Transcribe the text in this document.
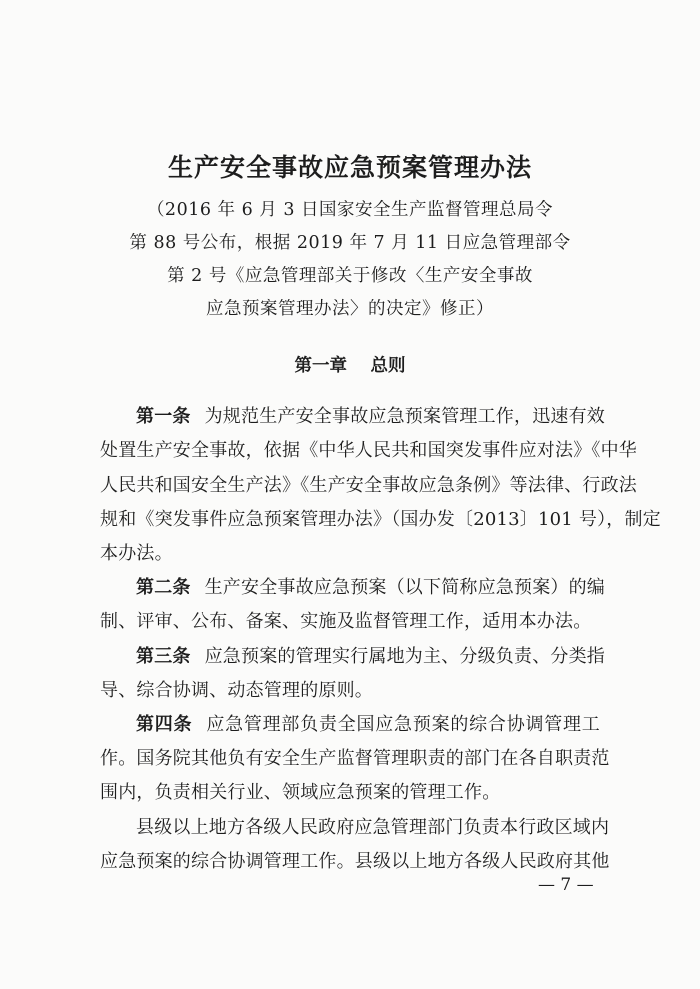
生产安全事故应急预案管理办法
（2016 年 6 月 3 日国家安全生产监督管理总局令
第 88 号公布，根据 2019 年 7 月 11 日应急管理部令
第 2 号《应急管理部关于修改〈生产安全事故
应急预案管理办法〉的决定》修正）
第一章　 总则
第一条 为规范生产安全事故应急预案管理工作，迅速有效
处置生产安全事故，依据《中华人民共和国突发事件应对法》《中华
人民共和国安全生产法》《生产安全事故应急条例》等法律、行政法
规和《突发事件应急预案管理办法》（国办发〔2013〕101 号），制定
本办法。
第二条 生产安全事故应急预案（以下简称应急预案）的编
制、评审、公布、备案、实施及监督管理工作，适用本办法。
第三条 应急预案的管理实行属地为主、分级负责、分类指
导、综合协调、动态管理的原则。
第四条 应急管理部负责全国应急预案的综合协调管理工
作。国务院其他负有安全生产监督管理职责的部门在各自职责范
围内，负责相关行业、领域应急预案的管理工作。
县级以上地方各级人民政府应急管理部门负责本行政区域内
应急预案的综合协调管理工作。县级以上地方各级人民政府其他
— 7 —
